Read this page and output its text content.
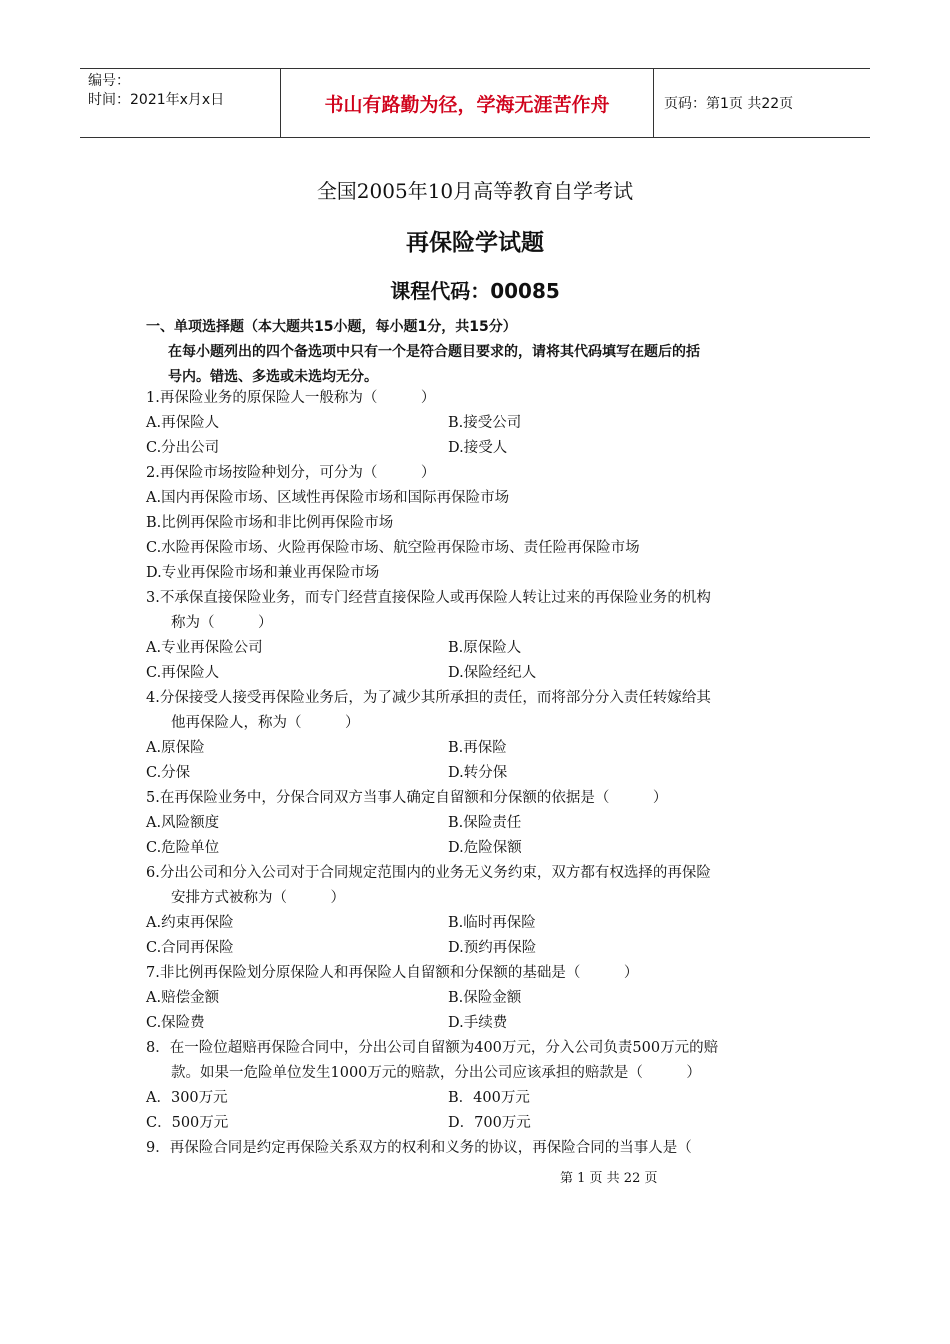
编号：
时间：2021年x月x日	书山有路勤为径，学海无涯苦作舟	页码：第1页 共22页
全国2005年10月高等教育自学考试
再保险学试题
课程代码：00085
一、单项选择题（本大题共15小题，每小题1分，共15分）
在每小题列出的四个备选项中只有一个是符合题目要求的，请将其代码填写在题后的括
号内。错选、多选或未选均无分。
1.再保险业务的原保险人一般称为（　　　）
A.再保险人	B.接受公司
C.分出公司	D.接受人
2.再保险市场按险种划分，可分为（　　　）
A.国内再保险市场、区域性再保险市场和国际再保险市场
B.比例再保险市场和非比例再保险市场
C.水险再保险市场、火险再保险市场、航空险再保险市场、责任险再保险市场
D.专业再保险市场和兼业再保险市场
3.不承保直接保险业务，而专门经营直接保险人或再保险人转让过来的再保险业务的机构
称为（　　　）
A.专业再保险公司	B.原保险人
C.再保险人	D.保险经纪人
4.分保接受人接受再保险业务后，为了减少其所承担的责任，而将部分分入责任转嫁给其
他再保险人，称为（　　　）
A.原保险	B.再保险
C.分保	D.转分保
5.在再保险业务中，分保合同双方当事人确定自留额和分保额的依据是（　　　）
A.风险额度	B.保险责任
C.危险单位	D.危险保额
6.分出公司和分入公司对于合同规定范围内的业务无义务约束，双方都有权选择的再保险
安排方式被称为（　　　）
A.约束再保险	B.临时再保险
C.合同再保险	D.预约再保险
7.非比例再保险划分原保险人和再保险人自留额和分保额的基础是（　　　）
A.赔偿金额	B.保险金额
C.保险费	D.手续费
8．在一险位超赔再保险合同中，分出公司自留额为400万元，分入公司负责500万元的赔
款。如果一危险单位发生1000万元的赔款，分出公司应该承担的赔款是（　　　）
A．300万元	B．400万元
C．500万元	D．700万元
9．再保险合同是约定再保险关系双方的权利和义务的协议，再保险合同的当事人是（
第 1 页 共 22 页
